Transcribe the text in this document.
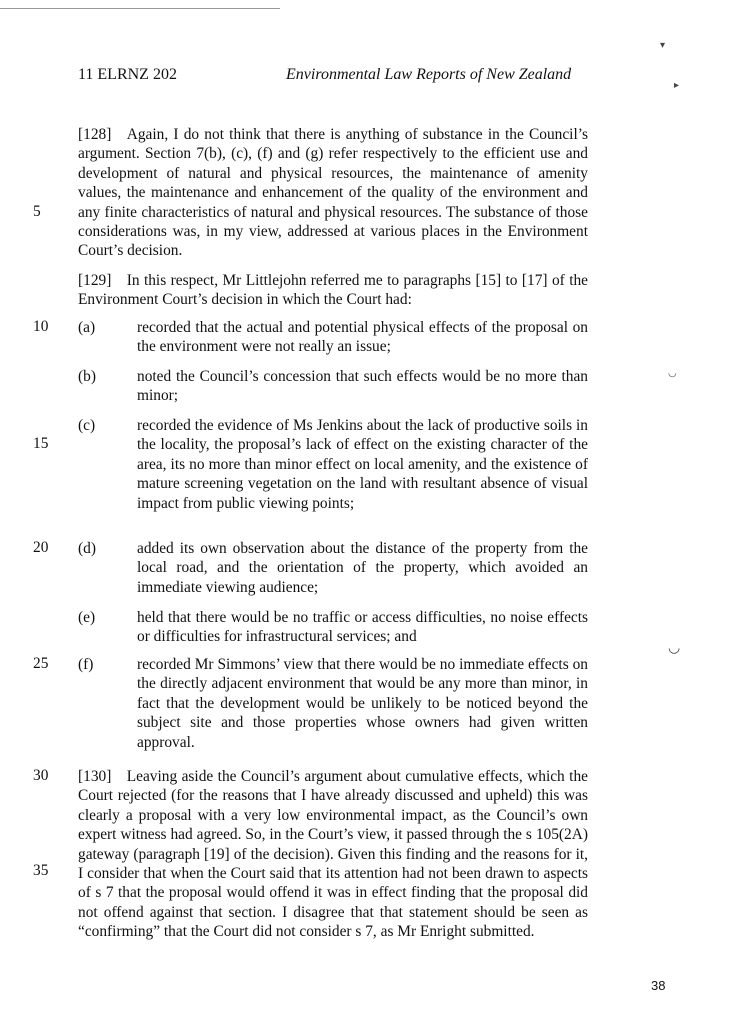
11 ELRNZ 202	Environmental Law Reports of New Zealand
[128] Again, I do not think that there is anything of substance in the Council’s argument. Section 7(b), (c), (f) and (g) refer respectively to the efficient use and development of natural and physical resources, the maintenance of amenity values, the maintenance and enhancement of the quality of the environment and any finite characteristics of natural and physical resources. The substance of those considerations was, in my view, addressed at various places in the Environment Court’s decision.
[129] In this respect, Mr Littlejohn referred me to paragraphs [15] to [17] of the Environment Court’s decision in which the Court had:
(a)	recorded that the actual and potential physical effects of the proposal on the environment were not really an issue;
(b)	noted the Council’s concession that such effects would be no more than minor;
(c)	recorded the evidence of Ms Jenkins about the lack of productive soils in the locality, the proposal’s lack of effect on the existing character of the area, its no more than minor effect on local amenity, and the existence of mature screening vegetation on the land with resultant absence of visual impact from public viewing points;
(d)	added its own observation about the distance of the property from the local road, and the orientation of the property, which avoided an immediate viewing audience;
(e)	held that there would be no traffic or access difficulties, no noise effects or difficulties for infrastructural services; and
(f)	recorded Mr Simmons’ view that there would be no immediate effects on the directly adjacent environment that would be any more than minor, in fact that the development would be unlikely to be noticed beyond the subject site and those properties whose owners had given written approval.
[130] Leaving aside the Council’s argument about cumulative effects, which the Court rejected (for the reasons that I have already discussed and upheld) this was clearly a proposal with a very low environmental impact, as the Council’s own expert witness had agreed. So, in the Court’s view, it passed through the s 105(2A) gateway (paragraph [19] of the decision). Given this finding and the reasons for it, I consider that when the Court said that its attention had not been drawn to aspects of s 7 that the proposal would offend it was in effect finding that the proposal did not offend against that section. I disagree that that statement should be seen as “confirming” that the Court did not consider s 7, as Mr Enright submitted.
5
10
15
20
25
30
35
38
▾
▸
◡
◡
